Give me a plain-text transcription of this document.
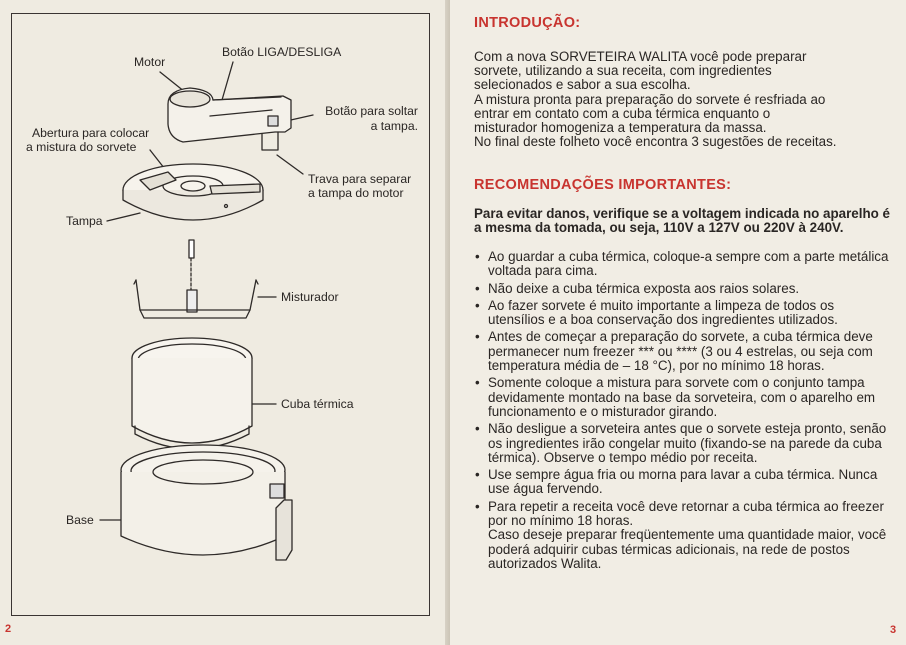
Motor
Botão LIGA/DESLIGA
Botão para soltar
a tampa.
Abertura para colocar
a mistura do sorvete
Trava para separar
a tampa do motor
Tampa
Misturador
Cuba térmica
Base
2
INTRODUÇÃO:

Com a nova SORVETEIRA WALITA você pode preparar

sorvete, utilizando a sua receita, com ingredientes

selecionados e sabor a sua escolha.

A mistura pronta para preparação do sorvete é resfriada ao

entrar em contato com a cuba térmica enquanto o

misturador homogeniza a temperatura da massa.

No final deste folheto você encontra 3 sugestões de receitas.

RECOMENDAÇÕES IMPORTANTES:
Para evitar danos, verifique se a voltagem indicada no aparelho é a mesma da tomada, ou seja, 110V a 127V ou 220V à 240V.
• Ao guardar a cuba térmica, coloque-a sempre com a parte metálica voltada para cima.
• Não deixe a cuba térmica exposta aos raios solares.
• Ao fazer sorvete é muito importante a limpeza de todos os utensílios e a boa conservação dos ingredientes utilizados.
• Antes de começar a preparação do sorvete, a cuba térmica deve permanecer num freezer *** ou **** (3 ou 4 estrelas, ou seja com temperatura média de – 18 °C), por no mínimo 18 horas.
• Somente coloque a mistura para sorvete com o conjunto tampa devidamente montado na base da sorveteira, com o aparelho em funcionamento e o misturador girando.
• Não desligue a sorveteira antes que o sorvete esteja pronto, senão os ingredientes irão congelar muito (fixando-se na parede da cuba térmica). Observe o tempo médio por receita.
• Use sempre água fria ou morna para lavar a cuba térmica. Nunca use água fervendo.
• Para repetir a receita você deve retornar a cuba térmica ao freezer por no mínimo 18 horas.
Caso deseje preparar freqüentemente uma quantidade maior, você poderá adquirir cubas térmicas adicionais, na rede de postos autorizados Walita.
3
